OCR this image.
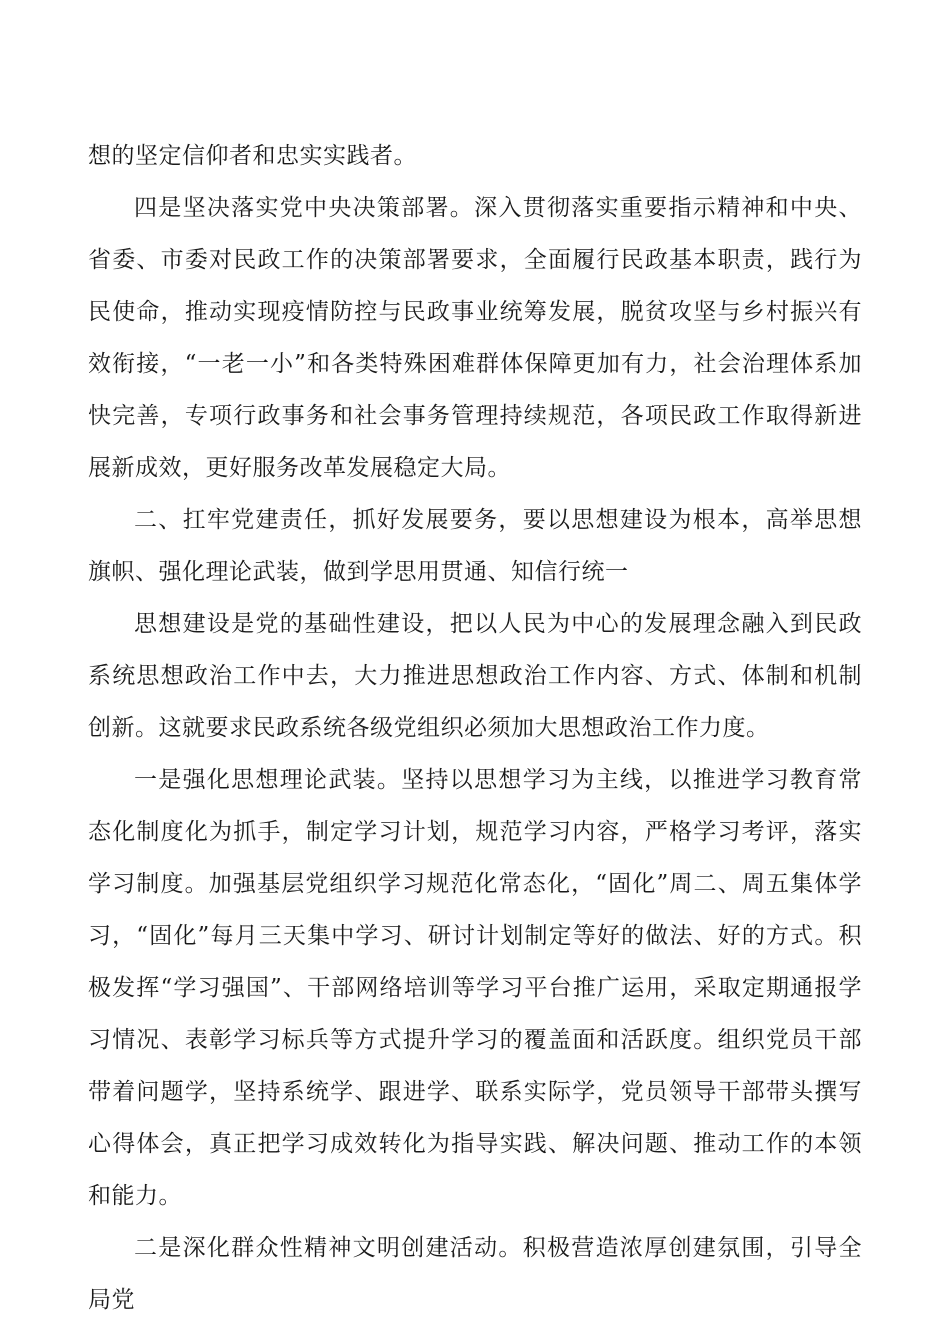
想的坚定信仰者和忠实实践者。

四是坚决落实党中央决策部署。深入贯彻落实重要指示精神和中央、省委、市委对民政工作的决策部署要求，全面履行民政基本职责，践行为民使命，推动实现疫情防控与民政事业统筹发展，脱贫攻坚与乡村振兴有效衔接，“一老一小”和各类特殊困难群体保障更加有力，社会治理体系加快完善，专项行政事务和社会事务管理持续规范，各项民政工作取得新进展新成效，更好服务改革发展稳定大局。

二、扛牢党建责任，抓好发展要务，要以思想建设为根本，高举思想旗帜、强化理论武装，做到学思用贯通、知信行统一

思想建设是党的基础性建设，把以人民为中心的发展理念融入到民政系统思想政治工作中去，大力推进思想政治工作内容、方式、体制和机制创新。这就要求民政系统各级党组织必须加大思想政治工作力度。

一是强化思想理论武装。坚持以思想学习为主线，以推进学习教育常态化制度化为抓手，制定学习计划，规范学习内容，严格学习考评，落实学习制度。加强基层党组织学习规范化常态化，“固化”周二、周五集体学习，“固化”每月三天集中学习、研讨计划制定等好的做法、好的方式。积极发挥“学习强国”、干部网络培训等学习平台推广运用，采取定期通报学习情况、表彰学习标兵等方式提升学习的覆盖面和活跃度。组织党员干部带着问题学，坚持系统学、跟进学、联系实际学，党员领导干部带头撰写心得体会，真正把学习成效转化为指导实践、解决问题、推动工作的本领和能力。

二是深化群众性精神文明创建活动。积极营造浓厚创建氛围，引导全局党
